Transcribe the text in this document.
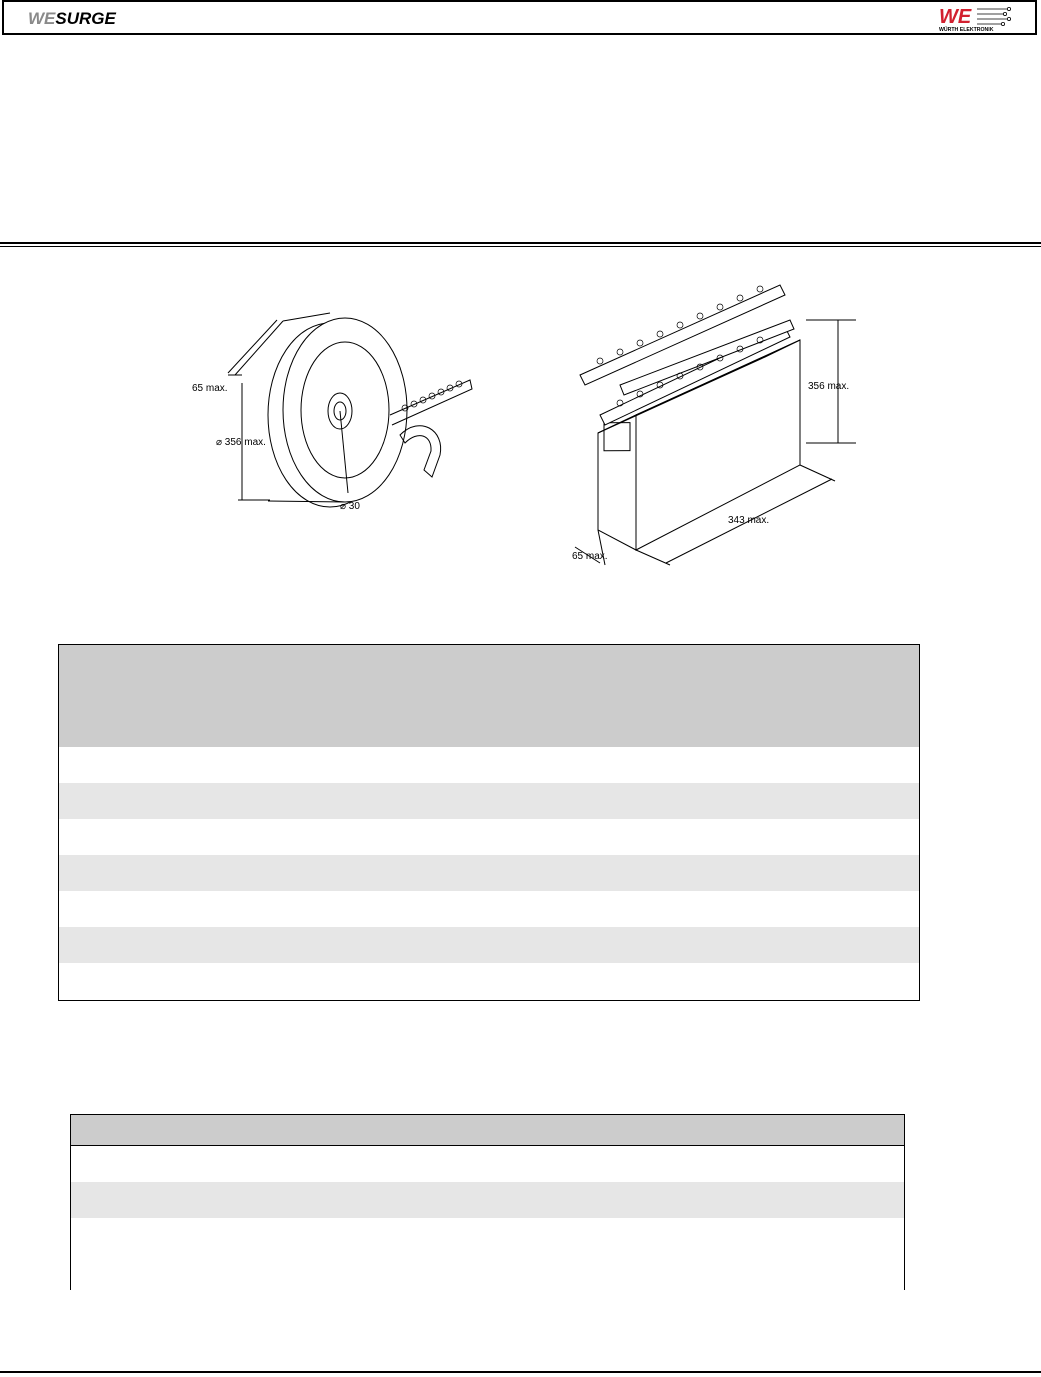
WESURGE	WE
WÜRTH ELEKTRONIK
65 max.
⌀ 356 max.
⌀ 30
356 max.
343 max.
65 max.
